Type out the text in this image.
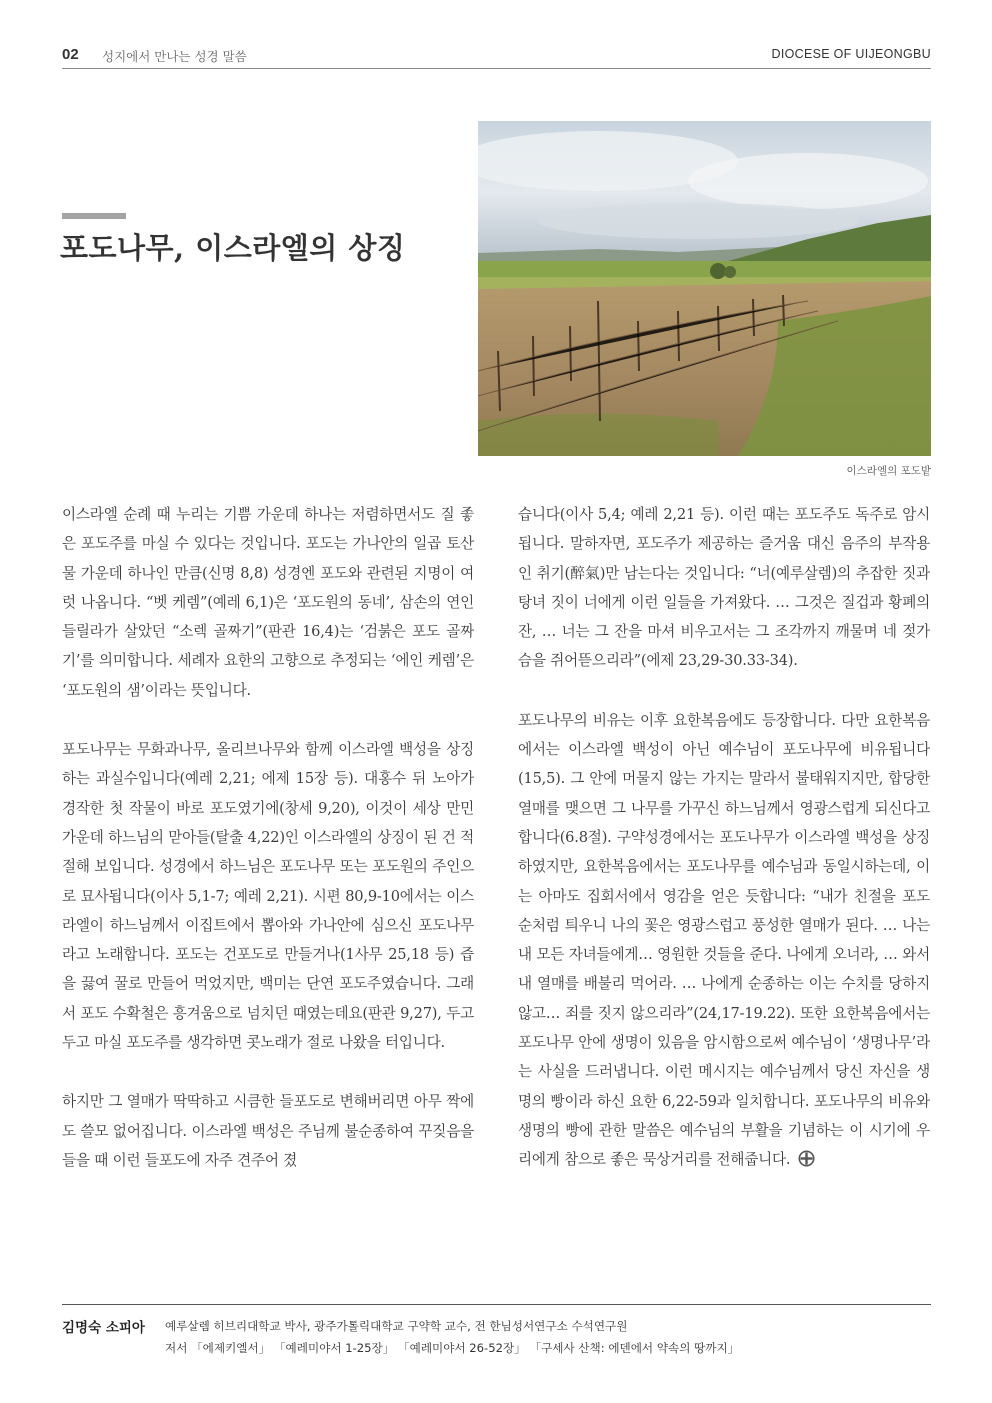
02 성지에서 만나는 성경 말씀	DIOCESE OF UIJEONGBU
포도나무, 이스라엘의 상징
이스라엘의 포도밭

이스라엘 순례 때 누리는 기쁨 가운데 하나는 저렴하면서도 질 좋은 포도주를 마실 수 있다는 것입니다. 포도는 가나안의 일곱 토산물 가운데 하나인 만큼(신명 8,8) 성경엔 포도와 관련된 지명이 여럿 나옵니다. “벳 케렘”(예레 6,1)은 ‘포도원의 동네’, 삼손의 연인 들릴라가 살았던 “소렉 골짜기”(판관 16,4)는 ‘검붉은 포도 골짜기’를 의미합니다. 세례자 요한의 고향으로 추정되는 ‘에인 케렘’은 ‘포도원의 샘’이라는 뜻입니다.

포도나무는 무화과나무, 올리브나무와 함께 이스라엘 백성을 상징하는 과실수입니다(예레 2,21; 에제 15장 등). 대홍수 뒤 노아가 경작한 첫 작물이 바로 포도였기에(창세 9,20), 이것이 세상 만민 가운데 하느님의 맏아들(탈출 4,22)인 이스라엘의 상징이 된 건 적절해 보입니다. 성경에서 하느님은 포도나무 또는 포도원의 주인으로 묘사됩니다(이사 5,1-7; 예레 2,21). 시편 80,9-10에서는 이스라엘이 하느님께서 이집트에서 뽑아와 가나안에 심으신 포도나무라고 노래합니다. 포도는 건포도로 만들거나(1사무 25,18 등) 즙을 끓여 꿀로 만들어 먹었지만, 백미는 단연 포도주였습니다. 그래서 포도 수확철은 흥겨움으로 넘치던 때였는데요(판관 9,27), 두고두고 마실 포도주를 생각하면 콧노래가 절로 나왔을 터입니다.

하지만 그 열매가 딱딱하고 시큼한 들포도로 변해버리면 아무 짝에도 쓸모 없어집니다. 이스라엘 백성은 주님께 불순종하여 꾸짖음을 들을 때 이런 들포도에 자주 견주어 졌

습니다(이사 5,4; 예레 2,21 등). 이런 때는 포도주도 독주로 암시됩니다. 말하자면, 포도주가 제공하는 즐거움 대신 음주의 부작용인 취기(醉氣)만 남는다는 것입니다: “너(예루살렘)의 추잡한 짓과 탕녀 짓이 너에게 이런 일들을 가져왔다. … 그것은 질겁과 황폐의 잔, … 너는 그 잔을 마셔 비우고서는 그 조각까지 깨물며 네 젖가슴을 쥐어뜯으리라”(에제 23,29-30.33-34).

포도나무의 비유는 이후 요한복음에도 등장합니다. 다만 요한복음에서는 이스라엘 백성이 아닌 예수님이 포도나무에 비유됩니다(15,5). 그 안에 머물지 않는 가지는 말라서 불태워지지만, 합당한 열매를 맺으면 그 나무를 가꾸신 하느님께서 영광스럽게 되신다고 합니다(6.8절). 구약성경에서는 포도나무가 이스라엘 백성을 상징하였지만, 요한복음에서는 포도나무를 예수님과 동일시하는데, 이는 아마도 집회서에서 영감을 얻은 듯합니다: “내가 친절을 포도 순처럼 틔우니 나의 꽃은 영광스럽고 풍성한 열매가 된다. … 나는 내 모든 자녀들에게… 영원한 것들을 준다. 나에게 오너라, … 와서 내 열매를 배불리 먹어라. … 나에게 순종하는 이는 수치를 당하지 않고… 죄를 짓지 않으리라”(24,17-19.22). 또한 요한복음에서는 포도나무 안에 생명이 있음을 암시함으로써 예수님이 ‘생명나무’라는 사실을 드러냅니다. 이런 메시지는 예수님께서 당신 자신을 생명의 빵이라 하신 요한 6,22-59과 일치합니다. 포도나무의 비유와 생명의 빵에 관한 말씀은 예수님의 부활을 기념하는 이 시기에 우리에게 참으로 좋은 묵상거리를 전해줍니다.

김명숙 소피아 예루살렘 히브리대학교 박사, 광주가톨릭대학교 구약학 교수, 전 한님성서연구소 수석연구원
저서 「에제키엘서」 「예레미야서 1-25장」 「예레미야서 26-52장」 「구세사 산책: 에덴에서 약속의 땅까지」
